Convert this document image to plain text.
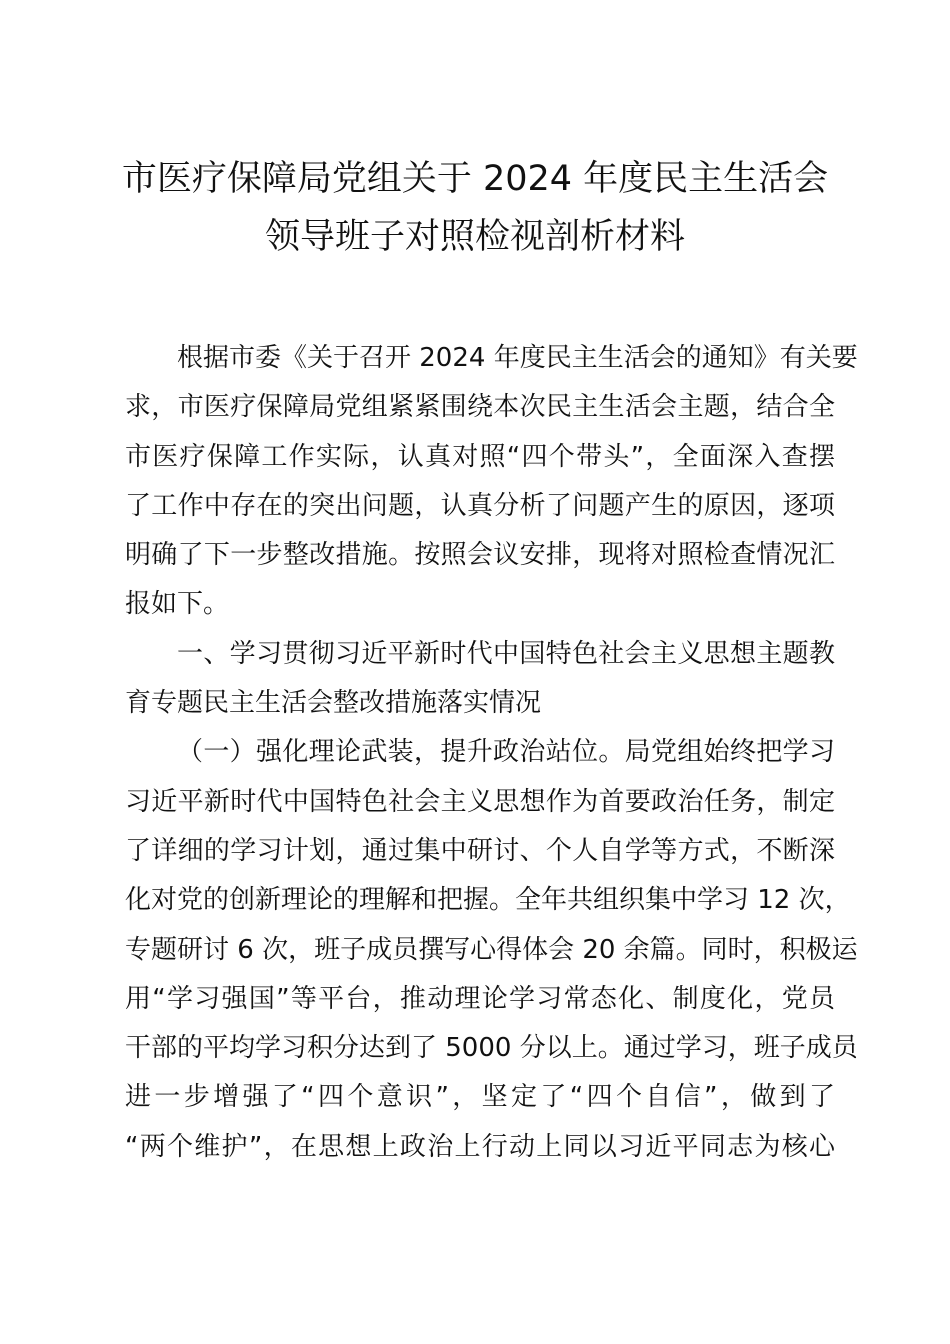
市医疗保障局党组关于 2024 年度民主生活会
领导班子对照检视剖析材料
根据市委《关于召开 2024 年度民主生活会的通知》有关要
求，市医疗保障局党组紧紧围绕本次民主生活会主题，结合全
市医疗保障工作实际，认真对照“四个带头”，全面深入查摆
了工作中存在的突出问题，认真分析了问题产生的原因，逐项
明确了下一步整改措施。按照会议安排，现将对照检查情况汇
报如下。
一、学习贯彻习近平新时代中国特色社会主义思想主题教
育专题民主生活会整改措施落实情况
（一）强化理论武装，提升政治站位。局党组始终把学习
习近平新时代中国特色社会主义思想作为首要政治任务，制定
了详细的学习计划，通过集中研讨、个人自学等方式，不断深
化对党的创新理论的理解和把握。全年共组织集中学习 12 次，
专题研讨 6 次，班子成员撰写心得体会 20 余篇。同时，积极运
用“学习强国”等平台，推动理论学习常态化、制度化，党员
干部的平均学习积分达到了 5000 分以上。通过学习，班子成员
进一步增强了“四个意识”，坚定了“四个自信”，做到了
“两个维护”，在思想上政治上行动上同以习近平同志为核心
